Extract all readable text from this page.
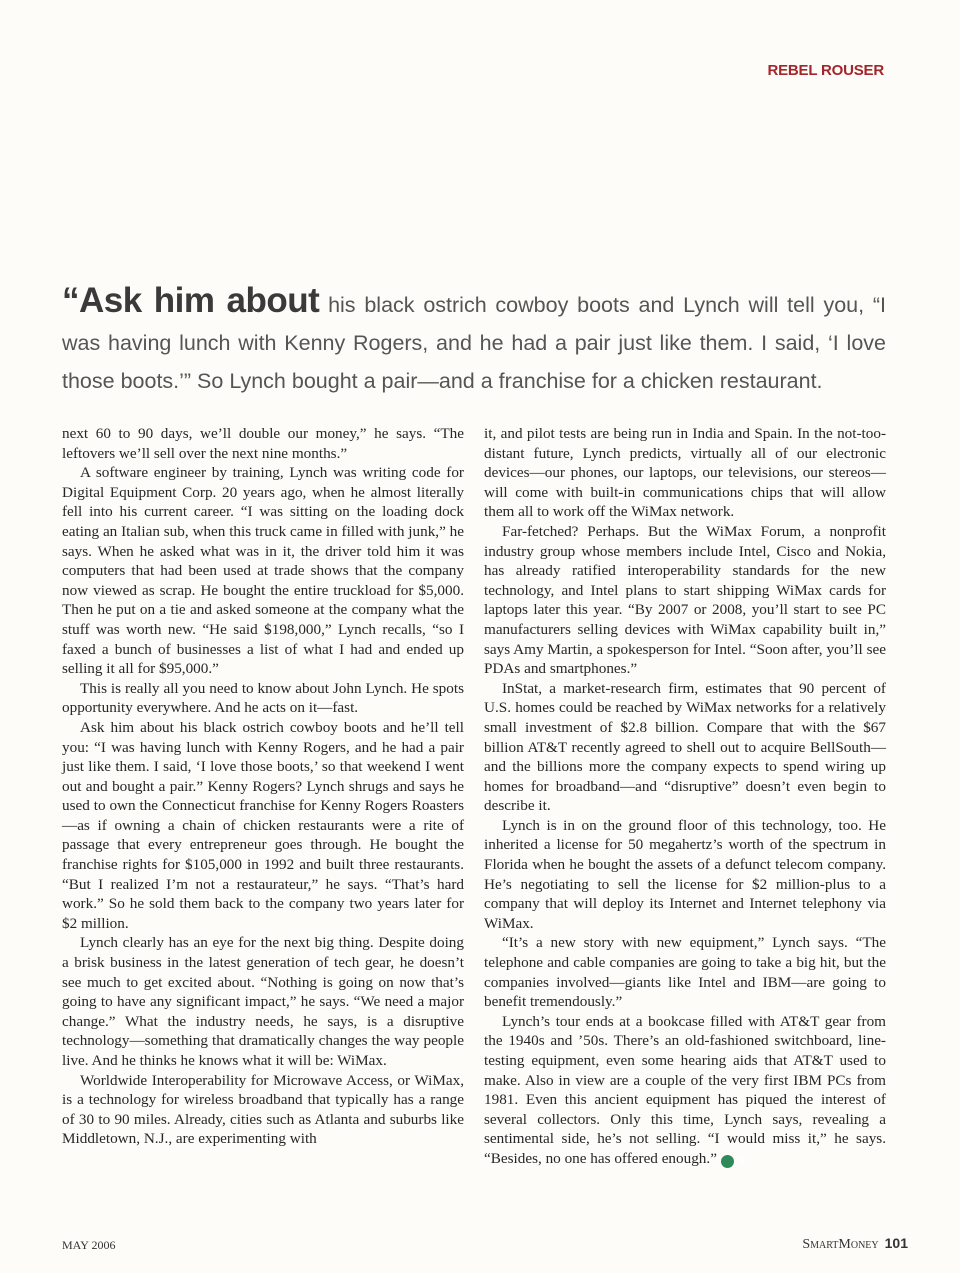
REBEL ROUSER
“Ask him about his black ostrich cowboy boots and Lynch will tell you, “I was having lunch with Kenny Rogers, and he had a pair just like them. I said, ‘I love those boots.’” So Lynch bought a pair—and a franchise for a chicken restaurant.

next 60 to 90 days, we’ll double our money,” he says. “The leftovers we’ll sell over the next nine months.”

A software engineer by training, Lynch was writing code for Digital Equipment Corp. 20 years ago, when he almost literally fell into his current career. “I was sitting on the loading dock eating an Italian sub, when this truck came in filled with junk,” he says. When he asked what was in it, the driver told him it was computers that had been used at trade shows that the company now viewed as scrap. He bought the entire truckload for $5,000. Then he put on a tie and asked someone at the company what the stuff was worth new. “He said $198,000,” Lynch recalls, “so I faxed a bunch of businesses a list of what I had and ended up selling it all for $95,000.”

This is really all you need to know about John Lynch. He spots opportunity everywhere. And he acts on it—fast.

Ask him about his black ostrich cowboy boots and he’ll tell you: “I was having lunch with Kenny Rogers, and he had a pair just like them. I said, ‘I love those boots,’ so that weekend I went out and bought a pair.” Kenny Rogers? Lynch shrugs and says he used to own the Connecticut franchise for Kenny Rogers Roasters—as if owning a chain of chicken restaurants were a rite of passage that every entrepreneur goes through. He bought the franchise rights for $105,000 in 1992 and built three restaurants. “But I realized I’m not a restaurateur,” he says. “That’s hard work.” So he sold them back to the company two years later for $2 million.

Lynch clearly has an eye for the next big thing. Despite doing a brisk business in the latest generation of tech gear, he doesn’t see much to get excited about. “Nothing is going on now that’s going to have any significant impact,” he says. “We need a major change.” What the industry needs, he says, is a disruptive technology—something that dramatically changes the way people live. And he thinks he knows what it will be: WiMax.

Worldwide Interoperability for Microwave Access, or WiMax, is a technology for wireless broadband that typically has a range of 30 to 90 miles. Already, cities such as Atlanta and suburbs like Middletown, N.J., are experimenting with

it, and pilot tests are being run in India and Spain. In the not-too-distant future, Lynch predicts, virtually all of our electronic devices—our phones, our laptops, our televisions, our stereos—will come with built-in communications chips that will allow them all to work off the WiMax network.

Far-fetched? Perhaps. But the WiMax Forum, a nonprofit industry group whose members include Intel, Cisco and Nokia, has already ratified interoperability standards for the new technology, and Intel plans to start shipping WiMax cards for laptops later this year. “By 2007 or 2008, you’ll start to see PC manufacturers selling devices with WiMax capability built in,” says Amy Martin, a spokesperson for Intel. “Soon after, you’ll see PDAs and smartphones.”

InStat, a market-research firm, estimates that 90 percent of U.S. homes could be reached by WiMax networks for a relatively small investment of $2.8 billion. Compare that with the $67 billion AT&T recently agreed to shell out to acquire BellSouth—and the billions more the company expects to spend wiring up homes for broadband—and “disruptive” doesn’t even begin to describe it.

Lynch is in on the ground floor of this technology, too. He inherited a license for 50 megahertz’s worth of the spectrum in Florida when he bought the assets of a defunct telecom company. He’s negotiating to sell the license for $2 million-plus to a company that will deploy its Internet and Internet telephony via WiMax.

“It’s a new story with new equipment,” Lynch says. “The telephone and cable companies are going to take a big hit, but the companies involved—giants like Intel and IBM—are going to benefit tremendously.”

Lynch’s tour ends at a bookcase filled with AT&T gear from the 1940s and ’50s. There’s an old-fashioned switchboard, line-testing equipment, even some hearing aids that AT&T used to make. Also in view are a couple of the very first IBM PCs from 1981. Even this ancient equipment has piqued the interest of several collectors. Only this time, Lynch says, revealing a sentimental side, he’s not selling. “I would miss it,” he says. “Besides, no one has offered enough.” S

MAY 2006	SmartMoney 101
